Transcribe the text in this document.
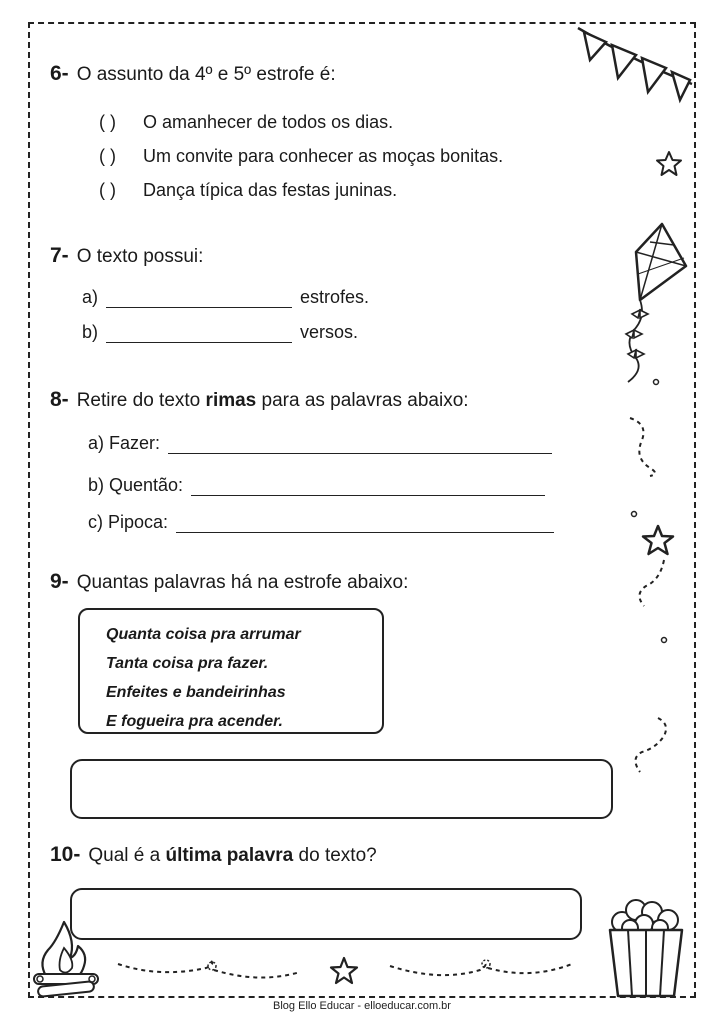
6- O assunto da 4º e 5º estrofe é:
( ) O amanhecer de todos os dias.
( ) Um convite para conhecer as moças bonitas.
( ) Dança típica das festas juninas.
7- O texto possui:
a)	estrofes.
b)	versos.
8- Retire do texto rimas para as palavras abaixo:
a) Fazer:
b) Quentão:
c) Pipoca:
9- Quantas palavras há na estrofe abaixo:

Quanta coisa pra arrumar

Tanta coisa pra fazer.

Enfeites e bandeirinhas

E fogueira pra acender.

10- Qual é a última palavra do texto?
Blog Ello Educar - elloeducar.com.br
